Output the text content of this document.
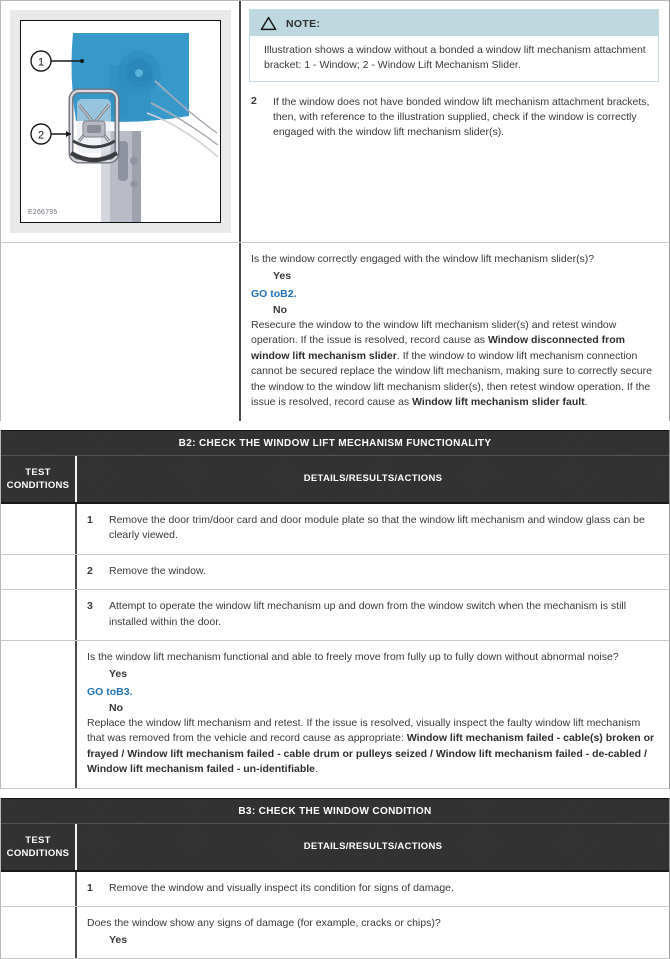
1
2
E266795
NOTE:
Illustration shows a window without a bonded a window lift mechanism attachment bracket: 1 - Window; 2 - Window Lift Mechanism Slider.
2	If the window does not have bonded window lift mechanism attachment brackets, then, with reference to the illustration supplied, check if the window is correctly engaged with the window lift mechanism slider(s).
Is the window correctly engaged with the window lift mechanism slider(s)?
Yes
GO toB2.
No
Resecure the window to the window lift mechanism slider(s) and retest window operation. If the issue is resolved, record cause as Window disconnected from window lift mechanism slider. If the window to window lift mechanism connection cannot be secured replace the window lift mechanism, making sure to correctly secure the window to the window lift mechanism slider(s), then retest window operation. If the issue is resolved, record cause as Window lift mechanism slider fault.
B2: CHECK THE WINDOW LIFT MECHANISM FUNCTIONALITY
TEST CONDITIONS
DETAILS/RESULTS/ACTIONS
1	Remove the door trim/door card and door module plate so that the window lift mechanism and window glass can be clearly viewed.
2	Remove the window.
3	Attempt to operate the window lift mechanism up and down from the window switch when the mechanism is still installed within the door.
Is the window lift mechanism functional and able to freely move from fully up to fully down without abnormal noise?
Yes
GO toB3.
No
Replace the window lift mechanism and retest. If the issue is resolved, visually inspect the faulty window lift mechanism that was removed from the vehicle and record cause as appropriate: Window lift mechanism failed - cable(s) broken or frayed / Window lift mechanism failed - cable drum or pulleys seized / Window lift mechanism failed - de-cabled / Window lift mechanism failed - un-identifiable.
B3: CHECK THE WINDOW CONDITION
TEST CONDITIONS
DETAILS/RESULTS/ACTIONS
1	Remove the window and visually inspect its condition for signs of damage.
Does the window show any signs of damage (for example, cracks or chips)?
Yes
